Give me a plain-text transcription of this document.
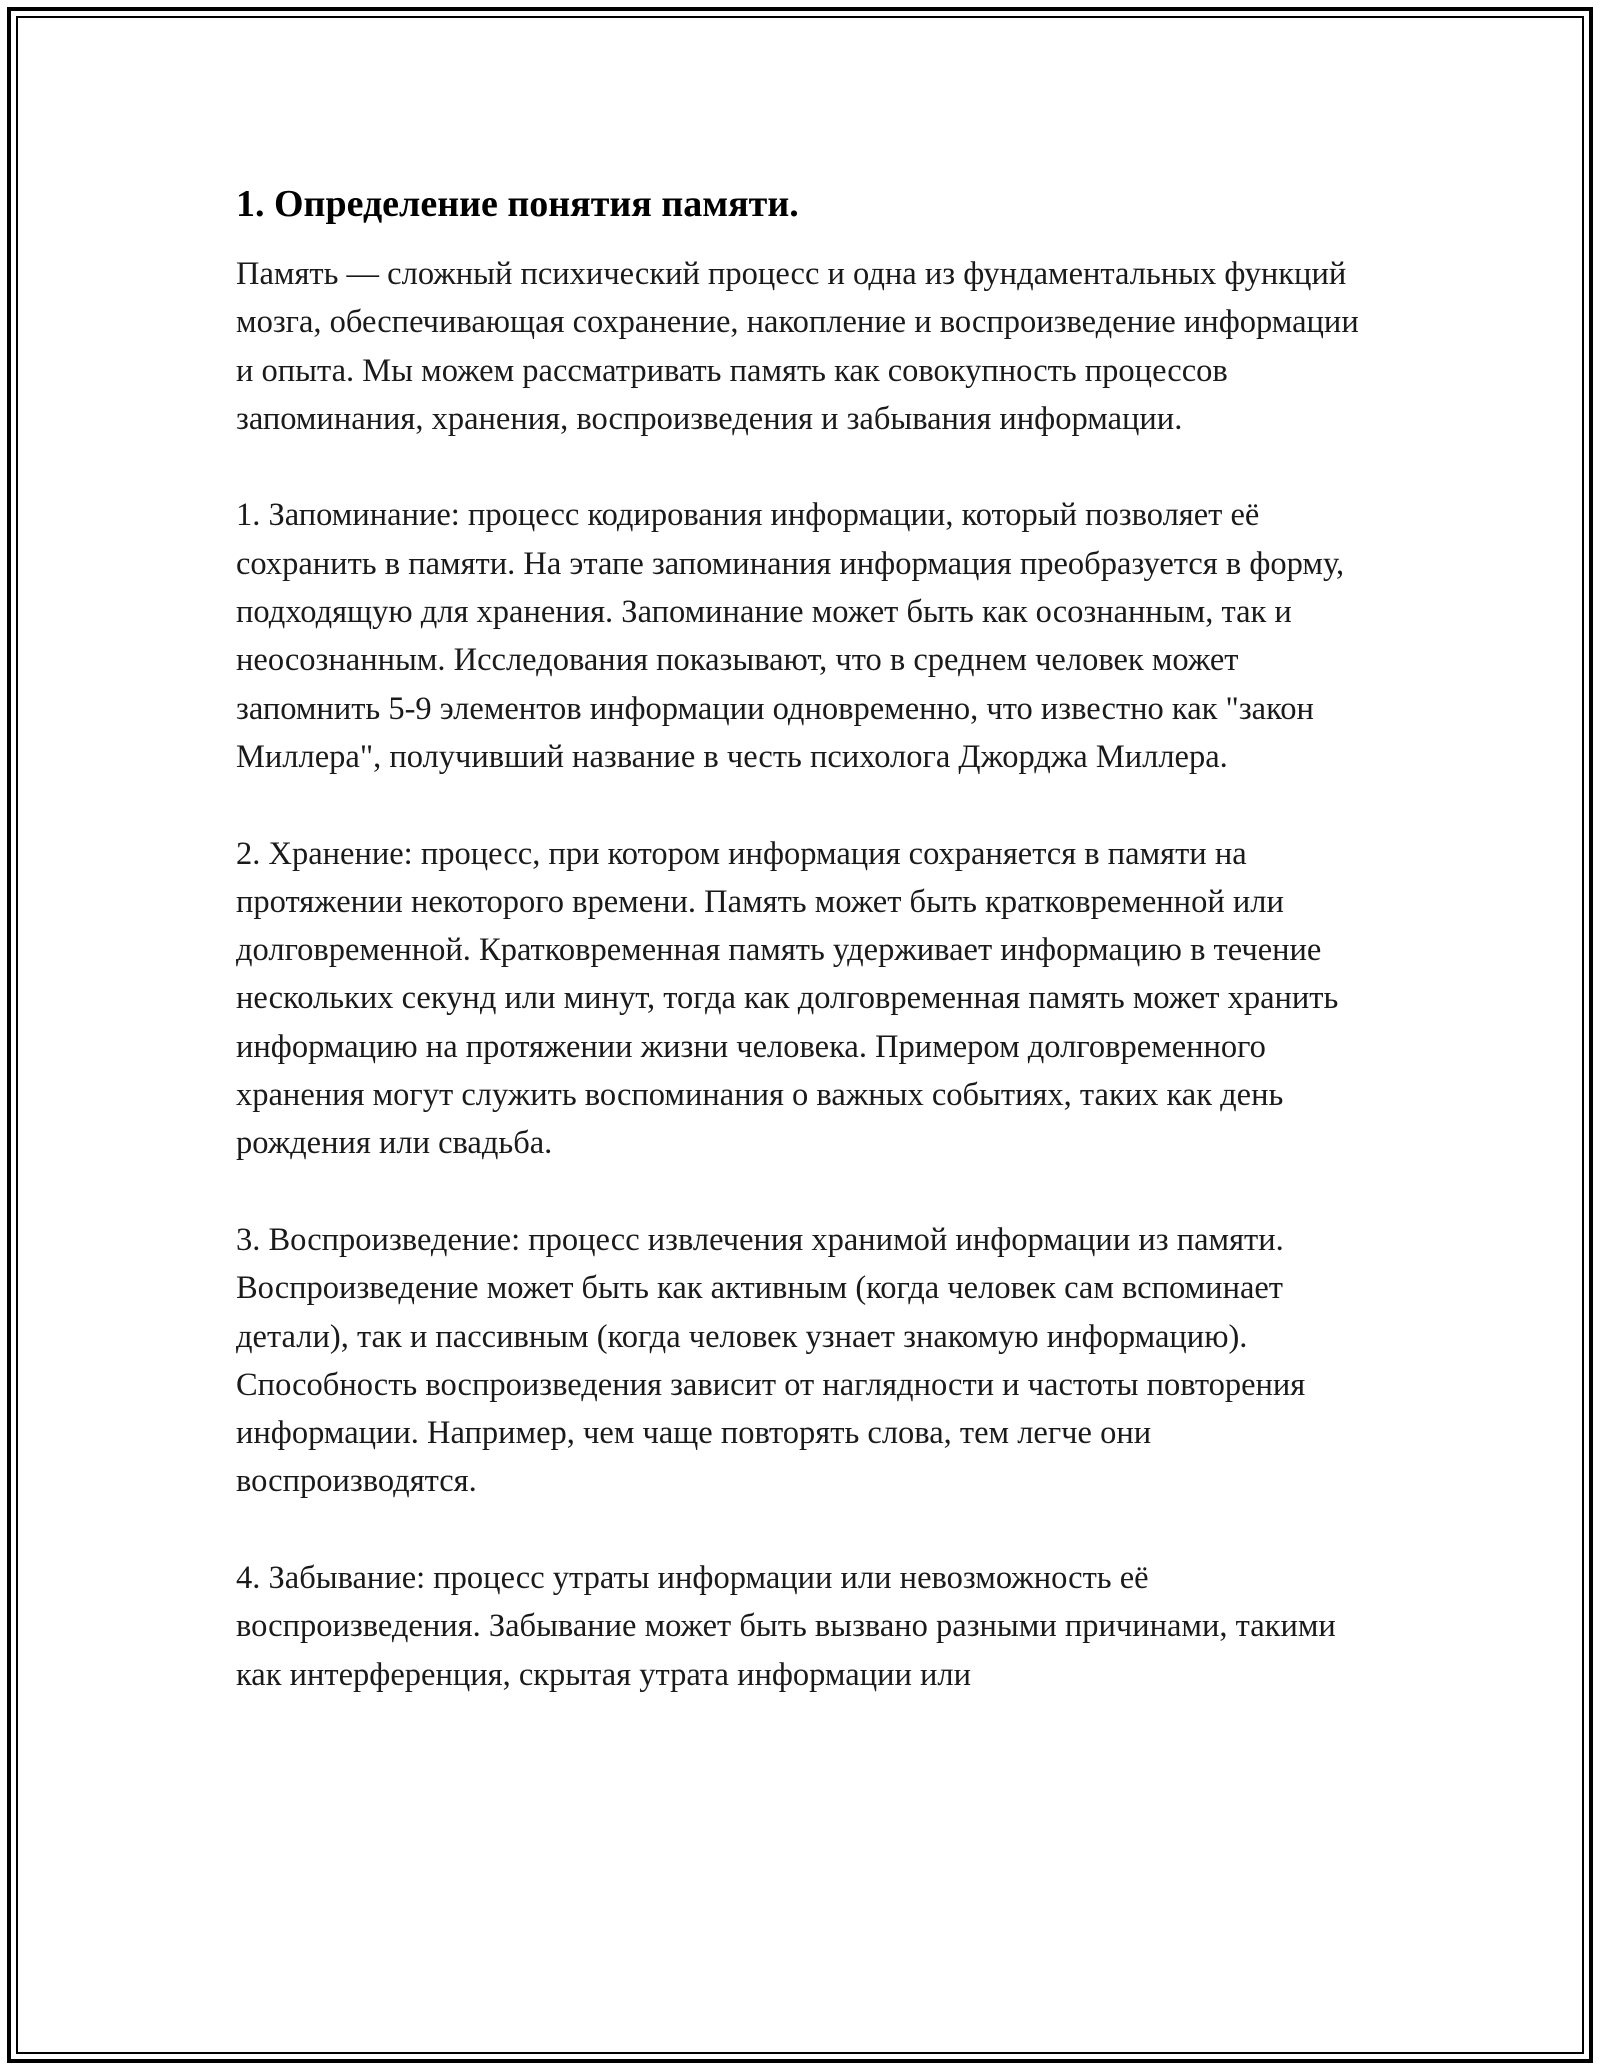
1. Определение понятия памяти.

Память — сложный психический процесс и одна из фундаментальных функций мозга, обеспечивающая сохранение, накопление и воспроизведение информации и опыта. Мы можем рассматривать память как совокупность процессов запоминания, хранения, воспроизведения и забывания информации.

1. Запоминание: процесс кодирования информации, который позволяет её сохранить в памяти. На этапе запоминания информация преобразуется в форму, подходящую для хранения. Запоминание может быть как осознанным, так и неосознанным. Исследования показывают, что в среднем человек может запомнить 5-9 элементов информации одновременно, что известно как "закон Миллера", получивший название в честь психолога Джорджа Миллера.

2. Хранение: процесс, при котором информация сохраняется в памяти на протяжении некоторого времени. Память может быть кратковременной или долговременной. Кратковременная память удерживает информацию в течение нескольких секунд или минут, тогда как долговременная память может хранить информацию на протяжении жизни человека. Примером долговременного хранения могут служить воспоминания о важных событиях, таких как день рождения или свадьба.

3. Воспроизведение: процесс извлечения хранимой информации из памяти. Воспроизведение может быть как активным (когда человек сам вспоминает детали), так и пассивным (когда человек узнает знакомую информацию). Способность воспроизведения зависит от наглядности и частоты повторения информации. Например, чем чаще повторять слова, тем легче они воспроизводятся.

4. Забывание: процесс утраты информации или невозможность её воспроизведения. Забывание может быть вызвано разными причинами, такими как интерференция, скрытая утрата информации или
